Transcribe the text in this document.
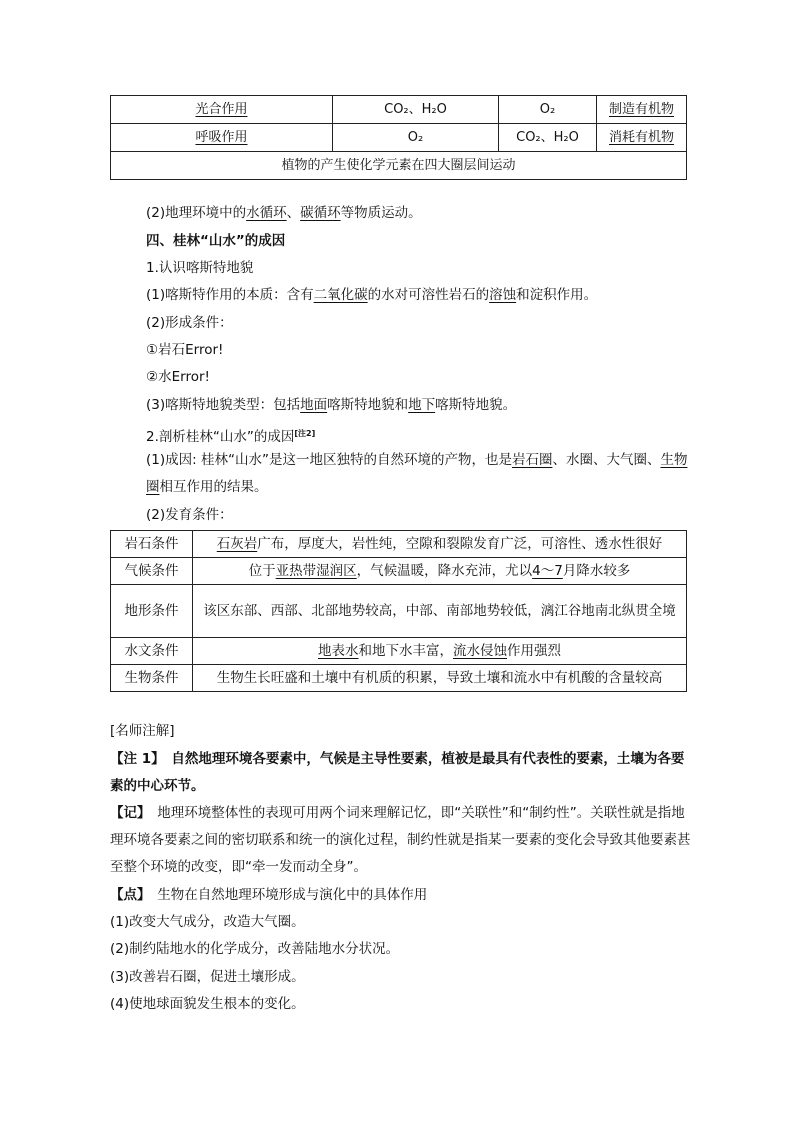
光合作用	CO₂、H₂O	O₂	制造有机物
呼吸作用	O₂	CO₂、H₂O	消耗有机物
植物的产生使化学元素在四大圈层间运动			
(2)地理环境中的水循环、碳循环等物质运动。
四、桂林“山水”的成因
1.认识喀斯特地貌
(1)喀斯特作用的本质：含有二氧化碳的水对可溶性岩石的溶蚀和淀积作用。
(2)形成条件：
①岩石Error!
②水Error!
(3)喀斯特地貌类型：包括地面喀斯特地貌和地下喀斯特地貌。
2.剖析桂林“山水”的成因[注2]
(1)成因: 桂林“山水”是这一地区独特的自然环境的产物，也是岩石圈、水圈、大气圈、生物圈相互作用的结果。
(2)发育条件：
岩石条件	石灰岩广布，厚度大，岩性纯，空隙和裂隙发育广泛，可溶性、透水性很好
气候条件	位于亚热带湿润区，气候温暖，降水充沛，尤以4～7月降水较多
地形条件	该区东部、西部、北部地势较高，中部、南部地势较低，漓江谷地南北纵贯全境
水文条件	地表水和地下水丰富，流水侵蚀作用强烈
生物条件	生物生长旺盛和土壤中有机质的积累，导致土壤和流水中有机酸的含量较高
[名师注解]
【注 1】　自然地理环境各要素中，气候是主导性要素，植被是最具有代表性的要素，土壤为各要素的中心环节。
【记】　地理环境整体性的表现可用两个词来理解记忆，即“关联性”和“制约性”。关联性就是指地理环境各要素之间的密切联系和统一的演化过程，制约性就是指某一要素的变化会导致其他要素甚至整个环境的改变，即“牵一发而动全身”。
【点】　生物在自然地理环境形成与演化中的具体作用
(1)改变大气成分，改造大气圈。
(2)制约陆地水的化学成分，改善陆地水分状况。
(3)改善岩石圈，促进土壤形成。
(4)使地球面貌发生根本的变化。
